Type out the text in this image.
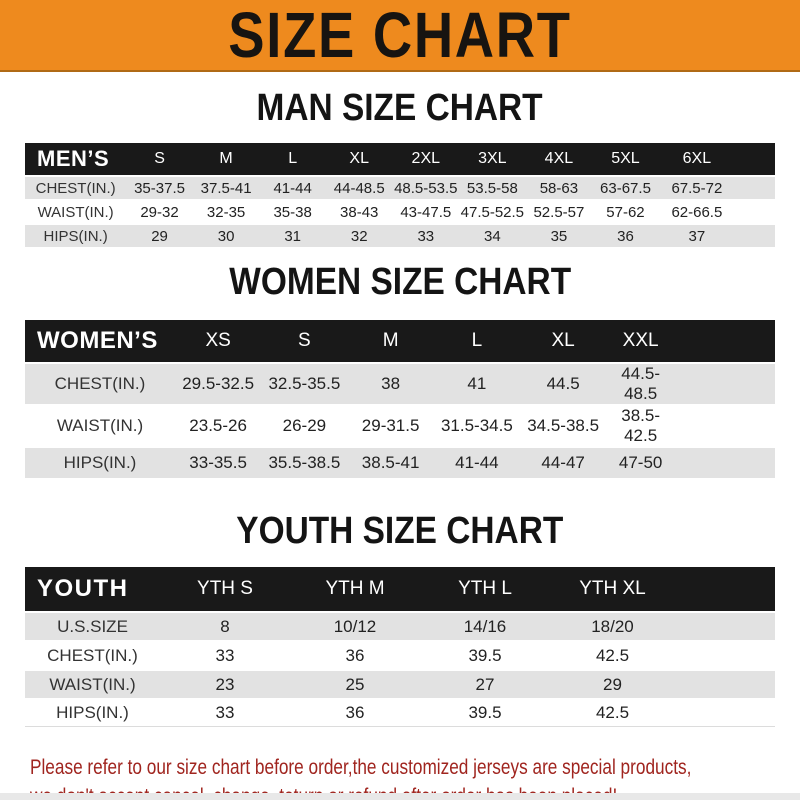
SIZE CHART
MAN SIZE CHART
MEN’S	S	M	L	XL	2XL	3XL	4XL	5XL	6XL
CHEST(IN.)	35-37.5	37.5-41	41-44	44-48.5	48.5-53.5	53.5-58	58-63	63-67.5	67.5-72
WAIST(IN.)	29-32	32-35	35-38	38-43	43-47.5	47.5-52.5	52.5-57	57-62	62-66.5
HIPS(IN.)	29	30	31	32	33	34	35	36	37
WOMEN SIZE CHART
WOMEN’S	XS	S	M	L	XL	XXL
CHEST(IN.)	29.5-32.5	32.5-35.5	38	41	44.5	44.5-48.5
WAIST(IN.)	23.5-26	26-29	29-31.5	31.5-34.5	34.5-38.5	38.5-42.5
HIPS(IN.)	33-35.5	35.5-38.5	38.5-41	41-44	44-47	47-50
YOUTH SIZE CHART
YOUTH	YTH S	YTH M	YTH L	YTH XL
U.S.SIZE	8	10/12	14/16	18/20
CHEST(IN.)	33	36	39.5	42.5
WAIST(IN.)	23	25	27	29
HIPS(IN.)	33	36	39.5	42.5
Please refer to our size chart before order,the customized jerseys are special products,
